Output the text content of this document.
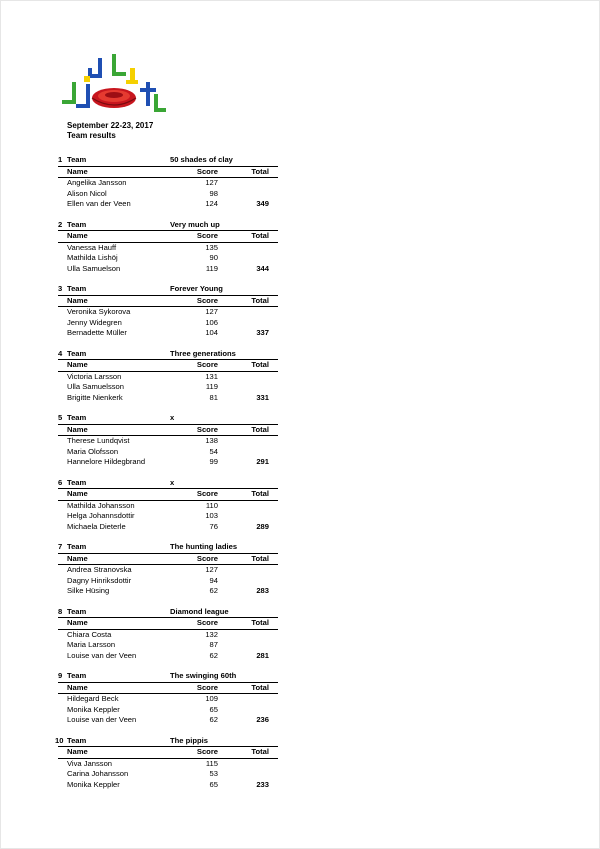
September 22-23, 2017
Team results
1 Team	50 shades of clay
Name	Score	Total
Angelika Jansson	127
Alison Nicol	98
Ellen van der Veen	124	349
2 Team	Very much up
Name	Score	Total
Vanessa Hauff	135
Mathilda Lishöj	90
Ulla Samuelson	119	344
3 Team	Forever Young
Name	Score	Total
Veronika Sykorova	127
Jenny Widegren	106
Bernadette Müller	104	337
4 Team	Three generations
Name	Score	Total
Victoria Larsson	131
Ulla Samuelsson	119
Brigitte Nienkerk	81	331
5 Team	x
Name	Score	Total
Therese Lundqvist	138
Maria Olofsson	54
Hannelore Hildegbrand	99	291
6 Team	x
Name	Score	Total
Mathilda Johansson	110
Helga Johannsdottir	103
Michaela Dieterle	76	289
7 Team	The hunting ladies
Name	Score	Total
Andrea Stranovska	127
Dagny Hinriksdottir	94
Silke Hüsing	62	283
8 Team	Diamond league
Name	Score	Total
Chiara Costa	132
Maria Larsson	87
Louise van der Veen	62	281
9 Team	The swinging 60th
Name	Score	Total
Hildegard Beck	109
Monika Keppler	65
Louise van der Veen	62	236
10 Team	The pippis
Name	Score	Total
Viva Jansson	115
Carina Johansson	53
Monika Keppler	65	233
